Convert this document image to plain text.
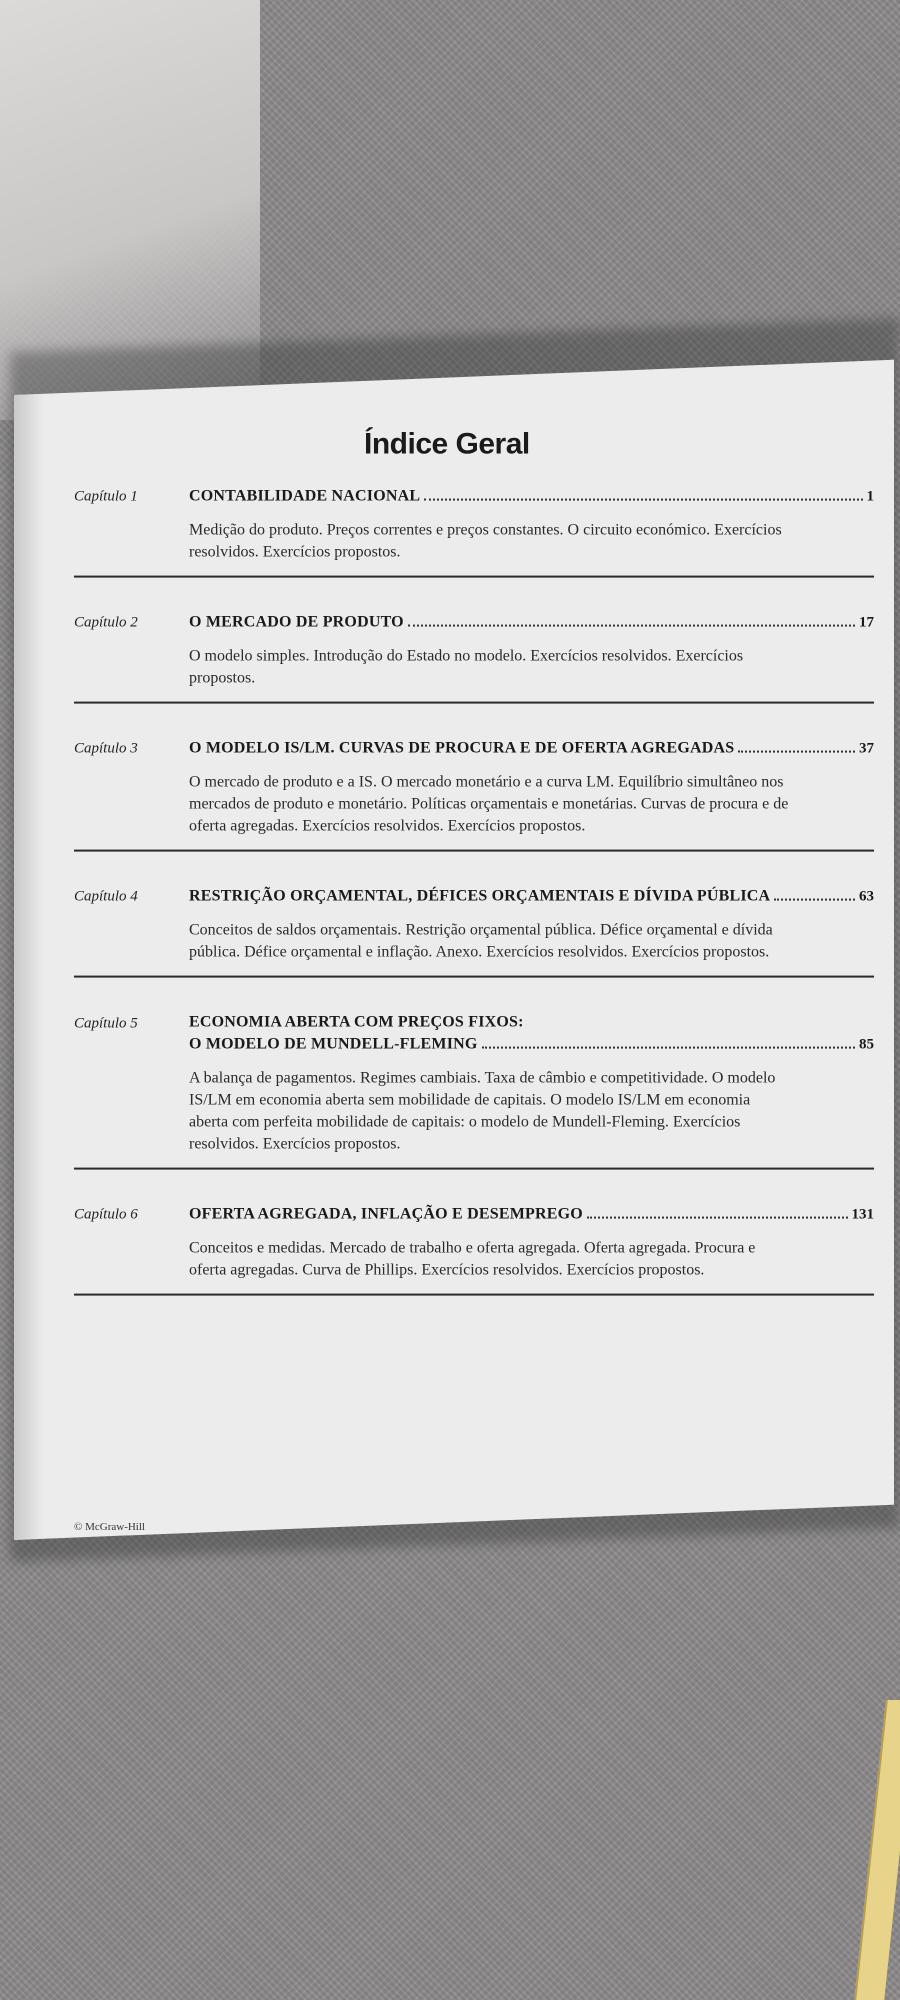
Índice Geral
Capítulo 1	CONTABILIDADE NACIONAL	1
Medição do produto. Preços correntes e preços constantes. O circuito económico. Exercícios resolvidos. Exercícios propostos.
Capítulo 2	O MERCADO DE PRODUTO	17
O modelo simples. Introdução do Estado no modelo. Exercícios resolvidos. Exercícios propostos.
Capítulo 3	O MODELO IS/LM. CURVAS DE PROCURA E DE OFERTA AGREGADAS	37
O mercado de produto e a IS. O mercado monetário e a curva LM. Equilíbrio simultâneo nos mercados de produto e monetário. Políticas orçamentais e monetárias. Curvas de procura e de oferta agregadas. Exercícios resolvidos. Exercícios propostos.
Capítulo 4	RESTRIÇÃO ORÇAMENTAL, DÉFICES ORÇAMENTAIS E DÍVIDA PÚBLICA	63
Conceitos de saldos orçamentais. Restrição orçamental pública. Défice orçamental e dívida pública. Défice orçamental e inflação. Anexo. Exercícios resolvidos. Exercícios propostos.
Capítulo 5	ECONOMIA ABERTA COM PREÇOS FIXOS:
O MODELO DE MUNDELL-FLEMING	85
A balança de pagamentos. Regimes cambiais. Taxa de câmbio e competitividade. O modelo IS/LM em economia aberta sem mobilidade de capitais. O modelo IS/LM em economia aberta com perfeita mobilidade de capitais: o modelo de Mundell-Fleming. Exercícios resolvidos. Exercícios propostos.
Capítulo 6	OFERTA AGREGADA, INFLAÇÃO E DESEMPREGO	131
Conceitos e medidas. Mercado de trabalho e oferta agregada. Oferta agregada. Procura e oferta agregadas. Curva de Phillips. Exercícios resolvidos. Exercícios propostos.
© McGraw-Hill
